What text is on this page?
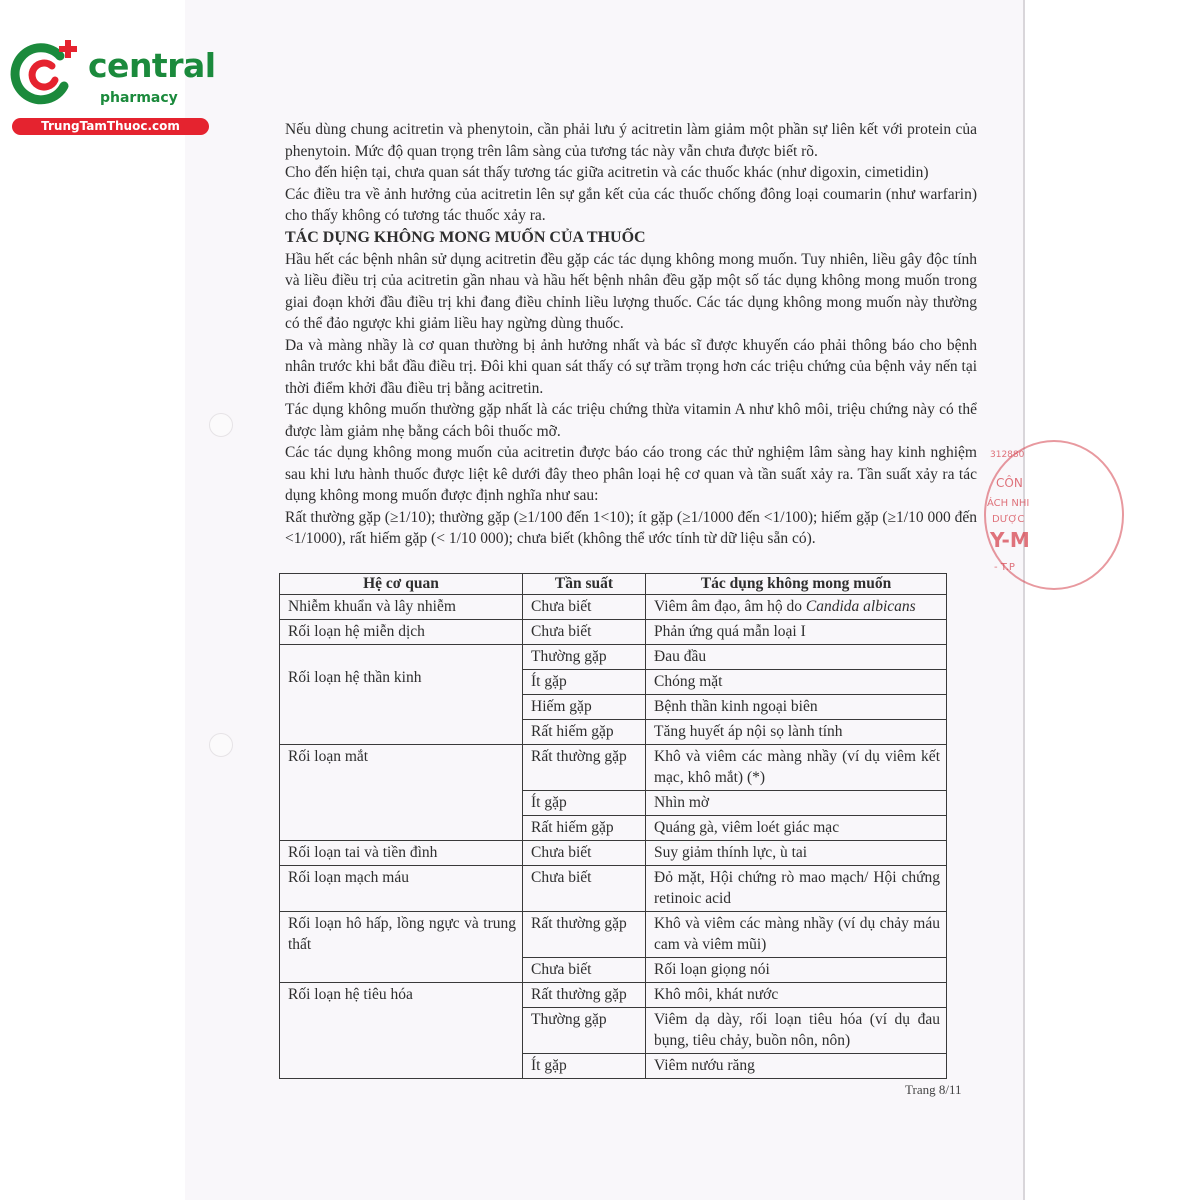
central
pharmacy
TrungTamThuoc.com
312880
CÔN
ÁCH NHI
DƯỢC
Y-M
- T.P

Nếu dùng chung acitretin và phenytoin, cần phải lưu ý acitretin làm giảm một phần sự liên kết với protein của phenytoin. Mức độ quan trọng trên lâm sàng của tương tác này vẫn chưa được biết rõ.

Cho đến hiện tại, chưa quan sát thấy tương tác giữa acitretin và các thuốc khác (như digoxin, cimetidin)

Các điều tra về ảnh hưởng của acitretin lên sự gắn kết của các thuốc chống đông loại coumarin (như warfarin) cho thấy không có tương tác thuốc xảy ra.

TÁC DỤNG KHÔNG MONG MUỐN CỦA THUỐC

Hầu hết các bệnh nhân sử dụng acitretin đều gặp các tác dụng không mong muốn. Tuy nhiên, liều gây độc tính và liều điều trị của acitretin gần nhau và hầu hết bệnh nhân đều gặp một số tác dụng không mong muốn trong giai đoạn khởi đầu điều trị khi đang điều chỉnh liều lượng thuốc. Các tác dụng không mong muốn này thường có thể đảo ngược khi giảm liều hay ngừng dùng thuốc.

Da và màng nhầy là cơ quan thường bị ảnh hưởng nhất và bác sĩ được khuyến cáo phải thông báo cho bệnh nhân trước khi bắt đầu điều trị. Đôi khi quan sát thấy có sự trầm trọng hơn các triệu chứng của bệnh vảy nến tại thời điểm khởi đầu điều trị bằng acitretin.

Tác dụng không muốn thường gặp nhất là các triệu chứng thừa vitamin A như khô môi, triệu chứng này có thể được làm giảm nhẹ bằng cách bôi thuốc mỡ.

Các tác dụng không mong muốn của acitretin được báo cáo trong các thử nghiệm lâm sàng hay kinh nghiệm sau khi lưu hành thuốc được liệt kê dưới đây theo phân loại hệ cơ quan và tần suất xảy ra. Tần suất xảy ra tác dụng không mong muốn được định nghĩa như sau:

Rất thường gặp (≥1/10); thường gặp (≥1/100 đến 1<10); ít gặp (≥1/1000 đến <1/100); hiếm gặp (≥1/10 000 đến <1/1000), rất hiếm gặp (< 1/10 000); chưa biết (không thể ước tính từ dữ liệu sẵn có).

Hệ cơ quan	Tần suất	Tác dụng không mong muốn
Nhiễm khuẩn và lây nhiễm	Chưa biết	Viêm âm đạo, âm hộ do Candida albicans
Rối loạn hệ miễn dịch	Chưa biết	Phản ứng quá mẫn loại I
Rối loạn hệ thần kinh	Thường gặp	Đau đầu
	Ít gặp	Chóng mặt
	Hiếm gặp	Bệnh thần kinh ngoại biên
	Rất hiếm gặp	Tăng huyết áp nội sọ lành tính
Rối loạn mắt	Rất thường gặp	Khô và viêm các màng nhầy (ví dụ viêm kết mạc, khô mắt) (*)
	Ít gặp	Nhìn mờ
	Rất hiếm gặp	Quáng gà, viêm loét giác mạc
Rối loạn tai và tiền đình	Chưa biết	Suy giảm thính lực, ù tai
Rối loạn mạch máu	Chưa biết	Đỏ mặt, Hội chứng rò mao mạch/ Hội chứng retinoic acid
Rối loạn hô hấp, lồng ngực và trung thất	Rất thường gặp	Khô và viêm các màng nhầy (ví dụ chảy máu cam và viêm mũi)
	Chưa biết	Rối loạn giọng nói
Rối loạn hệ tiêu hóa	Rất thường gặp	Khô môi, khát nước
	Thường gặp	Viêm dạ dày, rối loạn tiêu hóa (ví dụ đau bụng, tiêu chảy, buồn nôn, nôn)
	Ít gặp	Viêm nướu răng
Trang 8/11
